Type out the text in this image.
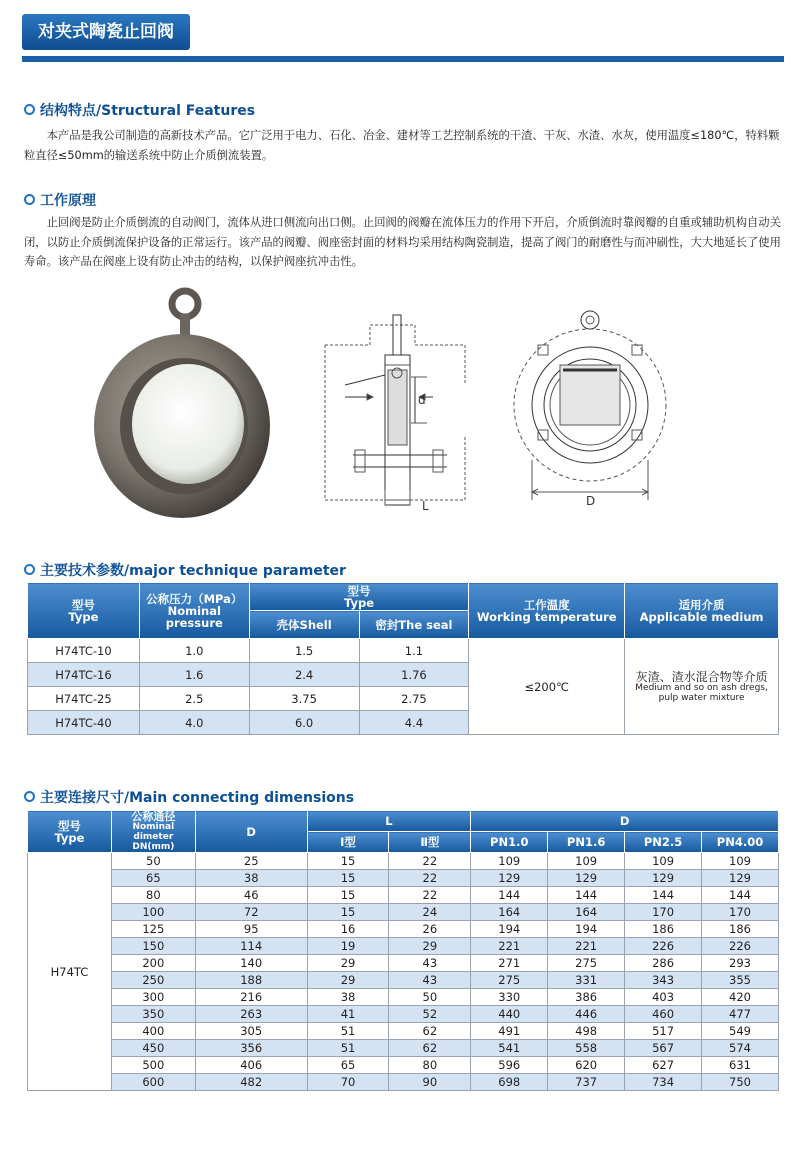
对夹式陶瓷止回阀
结构特点/Structural Features

本产品是我公司制造的高新技术产品。它广泛用于电力、石化、冶金、建材等工艺控制系统的干渣、干灰、水渣、水灰，使用温度≤180℃，特料颗粒直径≤50mm的输送系统中防止介质倒流装置。

工作原理

止回阀是防止介质倒流的自动阀门，流体从进口侧流向出口侧。止回阀的阀瓣在流体压力的作用下开启，介质倒流时靠阀瓣的自重或辅助机构自动关闭，以防止介质倒流保护设备的正常运行。该产品的阀瓣、阀座密封面的材料均采用结构陶瓷制造，提高了阀门的耐磨性与而冲刷性，大大地延长了使用寿命。该产品在阀座上设有防止冲击的结构，以保护阀座抗冲击性。

d
L	D
主要技术参数/major technique parameter
型号
Type	公称压力（MPa）
Nominal pressure	型号
Type		工作温度
Working temperature	适用介质
Applicable medium
		壳体Shell	密封The seal		
H74TC-10	1.0	1.5	1.1	≤200℃	灰渣、渣水混合物等介质
Medium and so on ash dregs, pulp water mixture

H74TC-16	1.6	2.4	1.76		
H74TC-25	2.5	3.75	2.75		
H74TC-40	4.0	6.0	4.4		
主要连接尺寸/Main connecting dimensions
型号
Type	公称通径
Nominal dimeter DN(mm)	D	L		D			
			Ⅰ型	Ⅱ型	PN1.0	PN1.6	PN2.5	PN4.00
H74TC	50	25	15	22	109	109	109	109
	65	38	15	22	129	129	129	129
	80	46	15	22	144	144	144	144
	100	72	15	24	164	164	170	170
	125	95	16	26	194	194	186	186
	150	114	19	29	221	221	226	226
	200	140	29	43	271	275	286	293
	250	188	29	43	275	331	343	355
	300	216	38	50	330	386	403	420
	350	263	41	52	440	446	460	477
	400	305	51	62	491	498	517	549
	450	356	51	62	541	558	567	574
	500	406	65	80	596	620	627	631
	600	482	70	90	698	737	734	750
